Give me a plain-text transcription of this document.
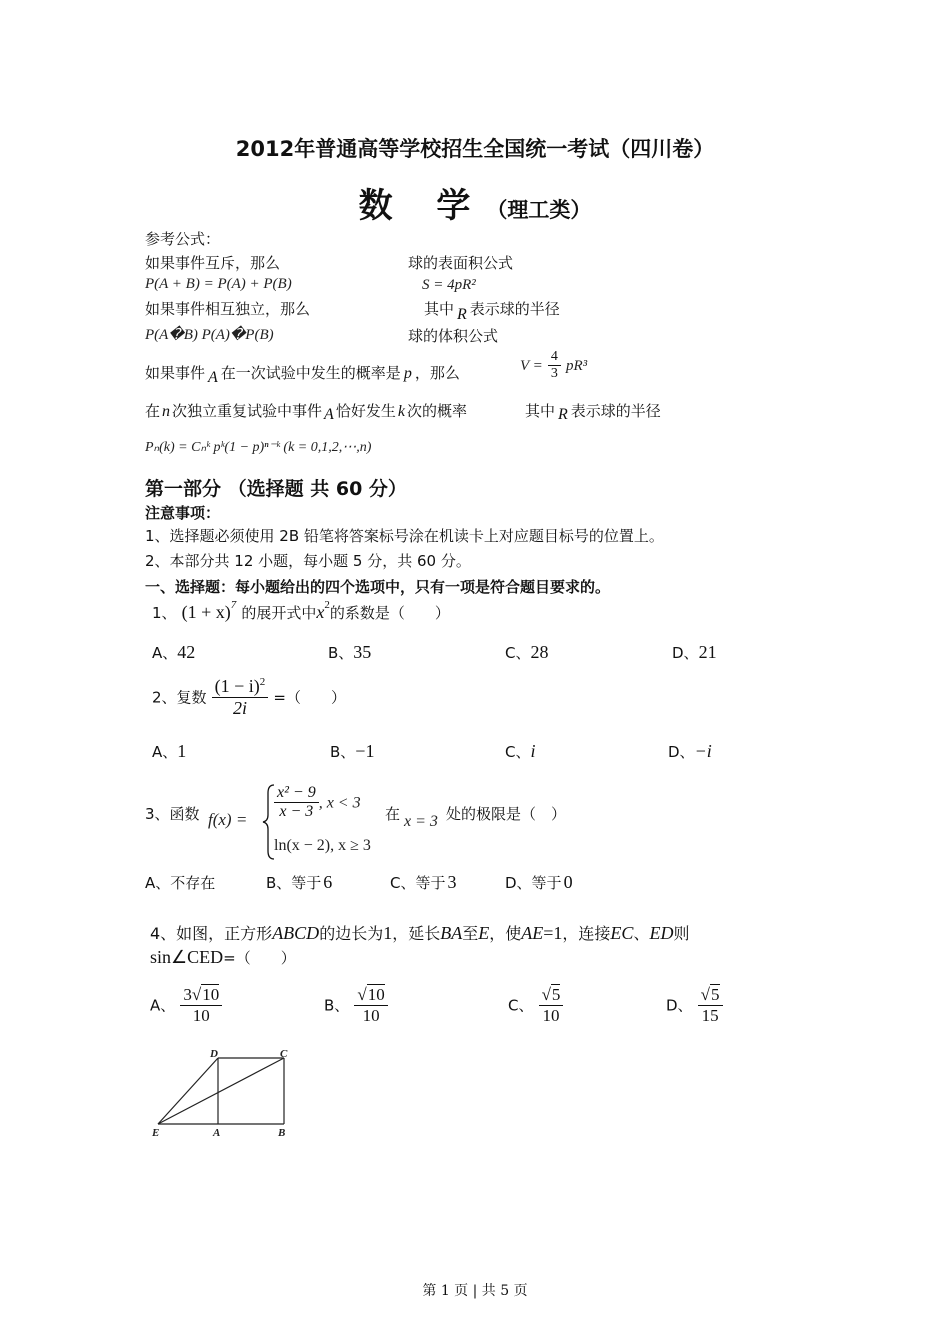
2012年普通高等学校招生全国统一考试（四川卷）
数 学（理工类）
参考公式：
如果事件互斥，那么	球的表面积公式
P(A + B) = P(A) + P(B)	S = 4pR²
如果事件相互独立，那么	其中 R 表示球的半径
P(A�B) P(A)�P(B)	球的体积公式
如果事件 A 在一次试验中发生的概率是 p ，那么	$V = \frac{4}{3} pR^3$
在 n 次独立重复试验中事件 A 恰好发生 k 次的概率	其中 R 表示球的半径
Pₙ(k) = Cₙᵏ pᵏ(1 − p)ⁿ⁻ᵏ (k = 0,1,2,⋯,n)
第一部分 （选择题 共 60 分）
注意事项：
1、选择题必须使用 2B 铅笔将答案标号涂在机读卡上对应题目标号的位置上。
2、本部分共 12 小题，每小题 5 分，共 60 分。
一、选择题：每小题给出的四个选项中，只有一项是符合题目要求的。
1、 $(1 + x)^7$ 的展开式中$x^2$的系数是（　　）
A、42	B、35	C、28	D、21
2、复数 $\frac{(1 - i)^2}{2i}$ =（　　）
A、1	B、−1	C、i	D、−i
3、函数 $f(x) = \frac{\text{x² − 9}}{x - 3}$ , x < 3
ln(x − 2), x ≥ 3
在 x = 3 处的极限是（　）
A、不存在	B、等于 6	C、等于 3	D、等于 0
4、如图，正方形ABCD的边长为1，延长BA至E，使AE=1，连接EC、ED则
sin∠CED=（　　）
A、 $\frac{3√10}{10}$	B、 $\frac{√10}{10}$	C、 $\frac{√5}{10}$	D、 $\frac{√5}{15}$
D	C
E	A	B
第 1 页 | 共 5 页
